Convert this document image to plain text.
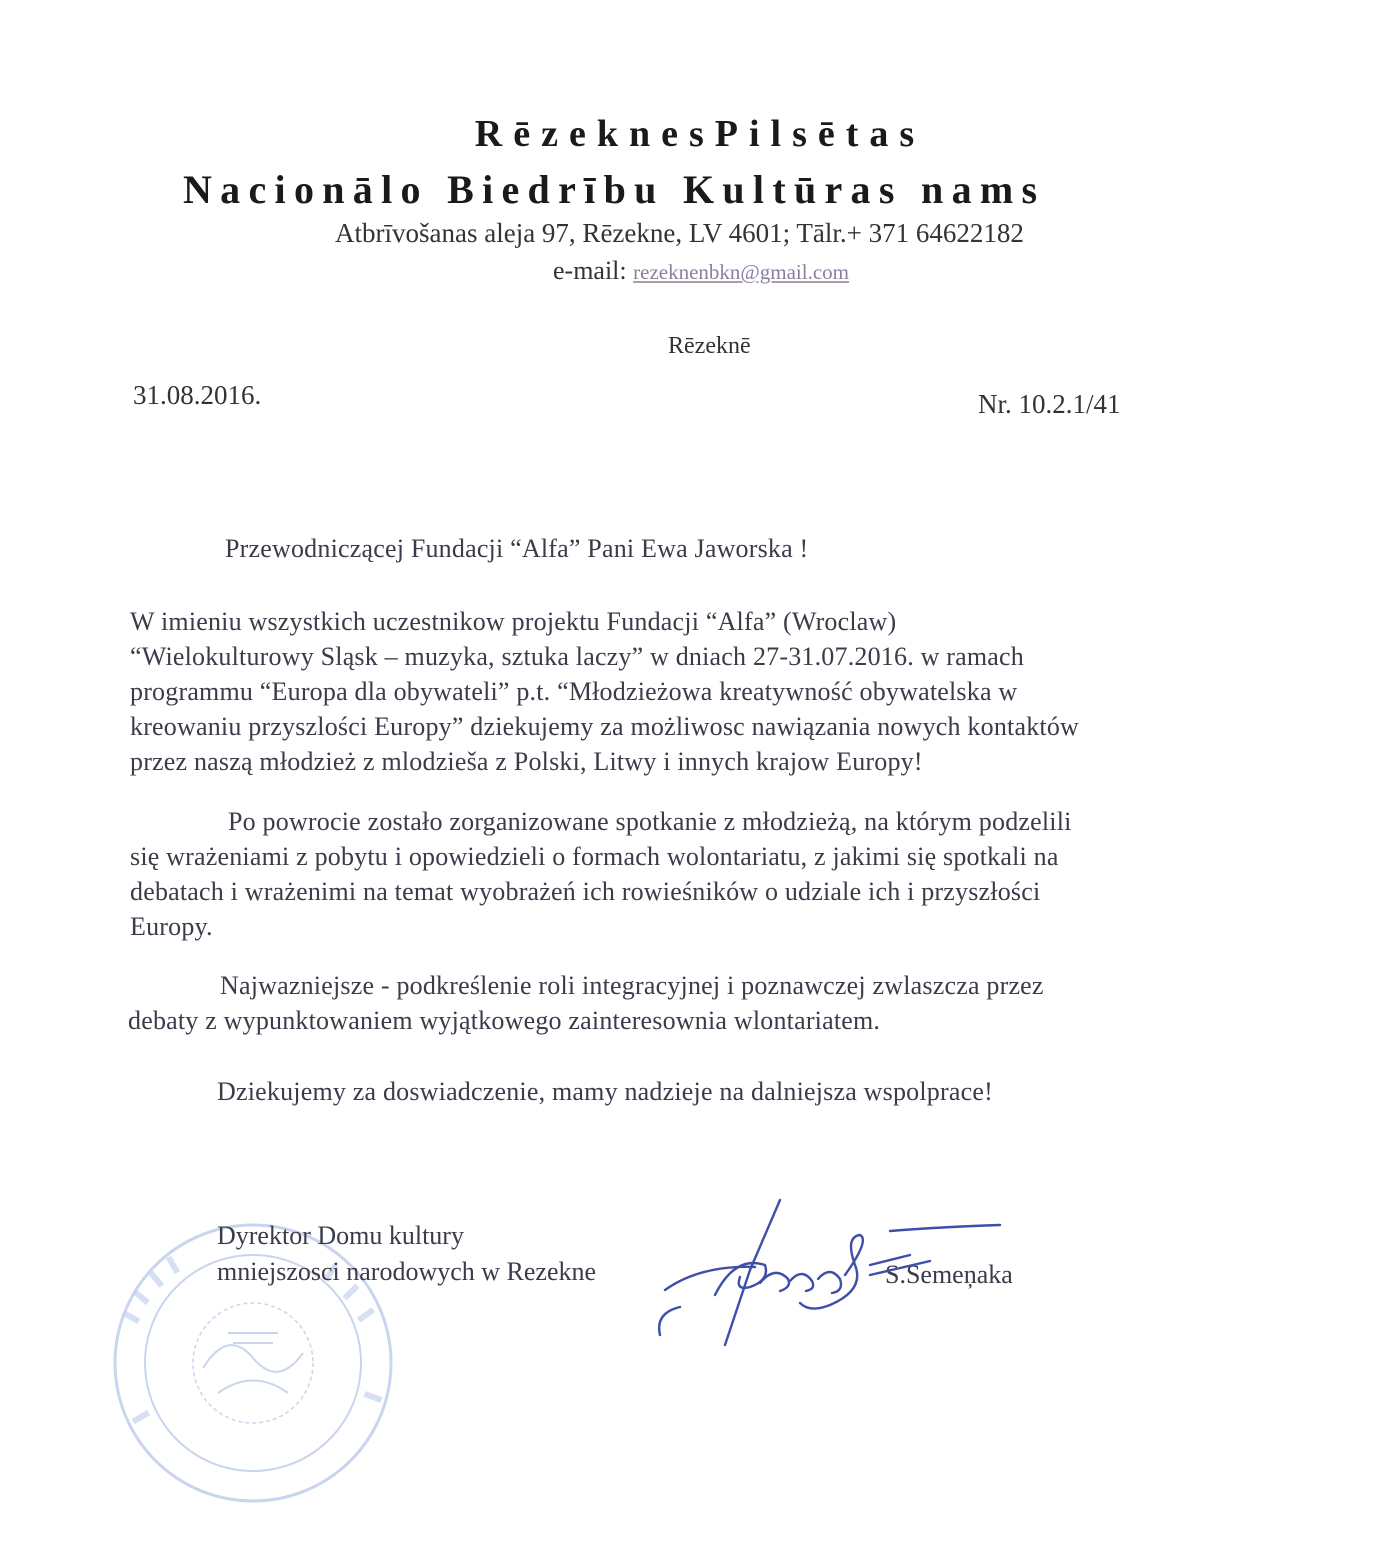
RēzeknesPilsētas
Nacionālo Biedrību Kultūras nams
Atbrīvošanas aleja 97, Rēzekne, LV 4601; Tālr.+ 371 64622182
e-mail: rezeknenbkn@gmail.com
Rēzeknē
31.08.2016.	Nr. 10.2.1/41
Przewodniczącej Fundacji “Alfa” Pani Ewa Jaworska !
W imieniu wszystkich uczestnikow projektu Fundacji “Alfa” (Wroclaw)
“Wielokulturowy Sląsk – muzyka, sztuka laczy” w dniach 27-31.07.2016. w ramach
programmu “Europa dla obywateli” p.t. “Młodzieżowa kreatywność obywatelska w
kreowaniu przyszlości Europy” dziekujemy za możliwosc nawiązania nowych kontaktów
przez naszą młodzież z mlodzieša z Polski, Litwy i innych krajow Europy!
Po powrocie zostało zorganizowane spotkanie z młodzieżą, na którym podzelili
się wrażeniami z pobytu i opowiedzieli o formach wolontariatu, z jakimi się spotkali na
debatach i wrażenimi na temat wyobrażeń ich rowieśników o udziale ich i przyszłości
Europy.
Najwazniejsze - podkreślenie roli integracyjnej i poznawczej zwlaszcza przez
debaty z wypunktowaniem wyjątkowego zainteresownia wlontariatem.
Dziekujemy za doswiadczenie, mamy nadzieje na dalniejsza wspolprace!
Dyrektor Domu kultury
mniejszosci narodowych w Rezekne	S.Semeņaka
